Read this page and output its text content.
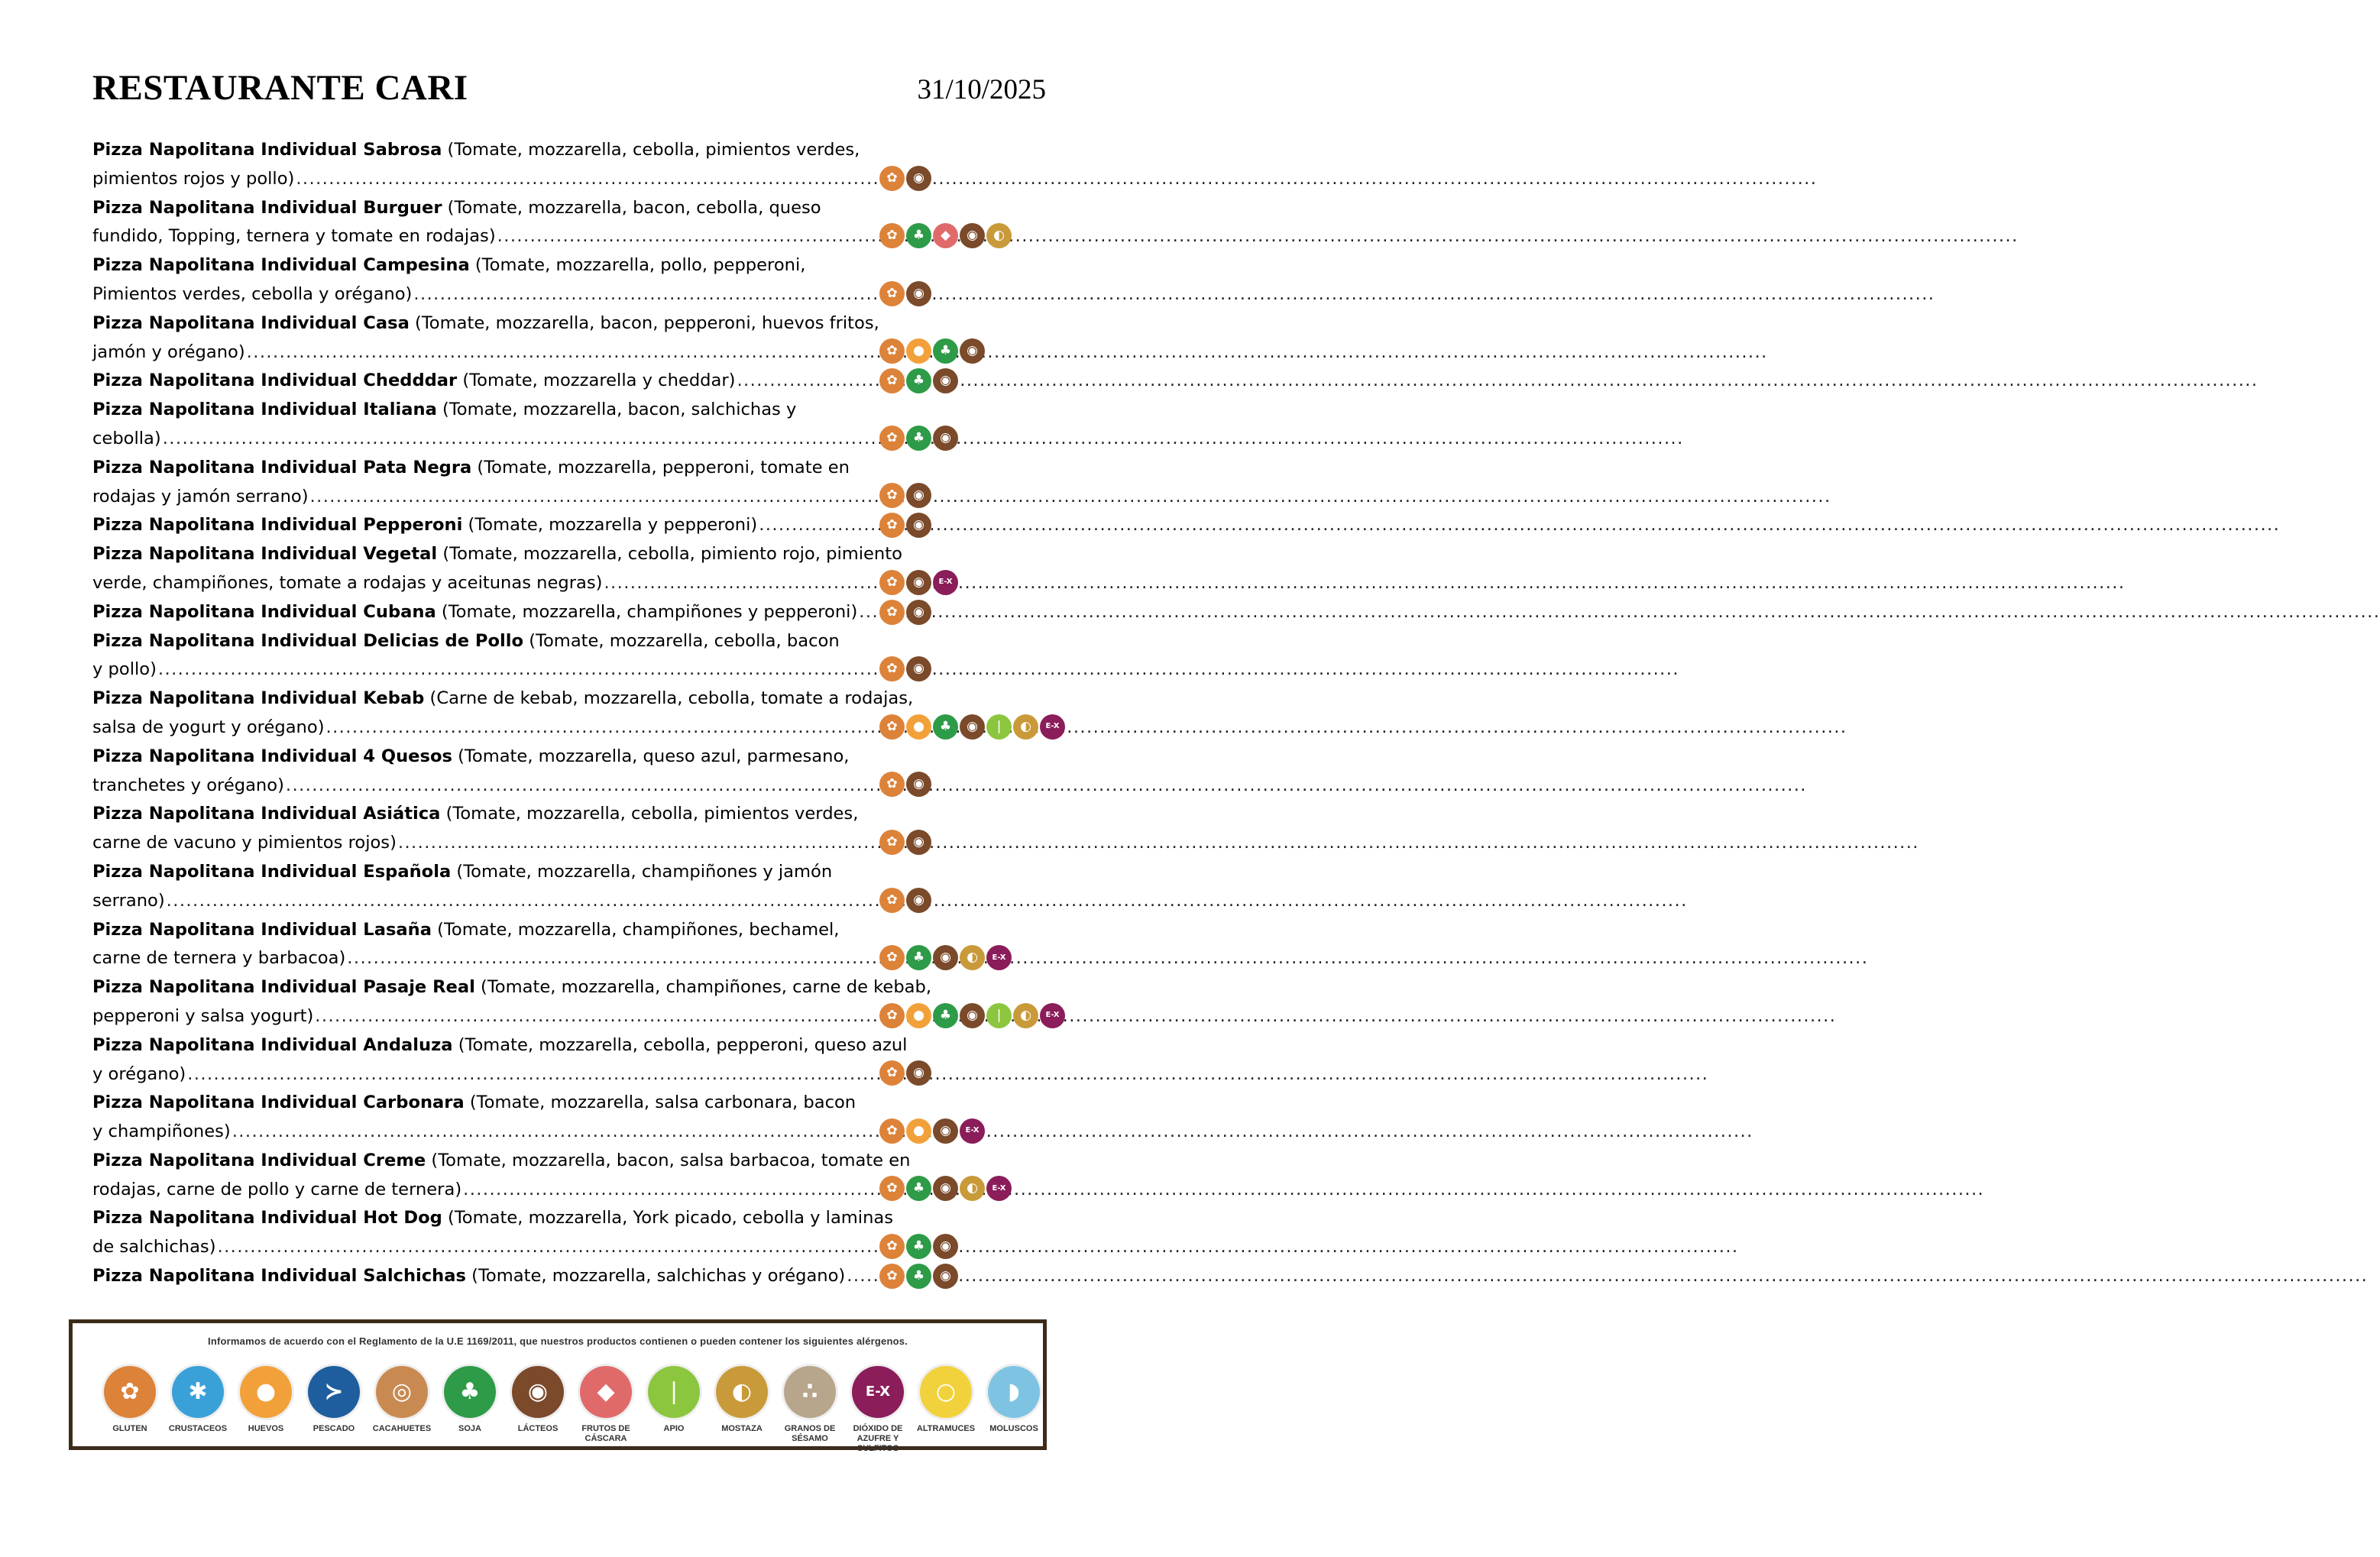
RESTAURANTE CARI	31/10/2025
Pizza Napolitana Individual Sabrosa (Tomate, mozzarella, cebolla, pimientos verdes,
pimientos rojos y pollo) .....	✿	◉
Pizza Napolitana Individual Burguer (Tomate, mozzarella, bacon, cebolla, queso
fundido, Topping, ternera y tomate en rodajas) .....	✿	♣	◆	◉	◐
Pizza Napolitana Individual Campesina (Tomate, mozzarella, pollo, pepperoni,
Pimientos verdes, cebolla y orégano) .....	✿	◉
Pizza Napolitana Individual Casa (Tomate, mozzarella, bacon, pepperoni, huevos fritos,
jamón y orégano) .....	✿	●	♣	◉
Pizza Napolitana Individual Chedddar (Tomate, mozzarella y cheddar) .....	✿	♣	◉
Pizza Napolitana Individual Italiana (Tomate, mozzarella, bacon, salchichas y
cebolla) .....	✿	♣	◉
Pizza Napolitana Individual Pata Negra (Tomate, mozzarella, pepperoni, tomate en
rodajas y jamón serrano) .....	✿	◉
Pizza Napolitana Individual Pepperoni (Tomate, mozzarella y pepperoni) .....	✿	◉
Pizza Napolitana Individual Vegetal (Tomate, mozzarella, cebolla, pimiento rojo, pimiento
verde, champiñones, tomate a rodajas y aceitunas negras) .....	✿	◉	E-X
Pizza Napolitana Individual Cubana (Tomate, mozzarella, champiñones y pepperoni) .....	✿	◉
Pizza Napolitana Individual Delicias de Pollo (Tomate, mozzarella, cebolla, bacon
y pollo) .....	✿	◉
Pizza Napolitana Individual Kebab (Carne de kebab, mozzarella, cebolla, tomate a rodajas,
salsa de yogurt y orégano) .....	✿	●	♣	◉	❘	◐	E-X
Pizza Napolitana Individual 4 Quesos (Tomate, mozzarella, queso azul, parmesano,
tranchetes y orégano) .....	✿	◉
Pizza Napolitana Individual Asiática (Tomate, mozzarella, cebolla, pimientos verdes,
carne de vacuno y pimientos rojos) .....	✿	◉
Pizza Napolitana Individual Española (Tomate, mozzarella, champiñones y jamón
serrano) .....	✿	◉
Pizza Napolitana Individual Lasaña (Tomate, mozzarella, champiñones, bechamel,
carne de ternera y barbacoa) .....	✿	♣	◉	◐	E-X
Pizza Napolitana Individual Pasaje Real (Tomate, mozzarella, champiñones, carne de kebab,
pepperoni y salsa yogurt) .....	✿	●	♣	◉	❘	◐	E-X
Pizza Napolitana Individual Andaluza (Tomate, mozzarella, cebolla, pepperoni, queso azul
y orégano) .....	✿	◉
Pizza Napolitana Individual Carbonara (Tomate, mozzarella, salsa carbonara, bacon
y champiñones) .....	✿	●	◉	E-X
Pizza Napolitana Individual Creme (Tomate, mozzarella, bacon, salsa barbacoa, tomate en
rodajas, carne de pollo y carne de ternera) .....	✿	♣	◉	◐	E-X
Pizza Napolitana Individual Hot Dog (Tomate, mozzarella, York picado, cebolla y laminas
de salchichas) .....	✿	♣	◉
Pizza Napolitana Individual Salchichas (Tomate, mozzarella, salchichas y orégano) .....	✿	♣	◉
Informamos de acuerdo con el Reglamento de la U.E 1169/2011, que nuestros productos contienen o pueden contener los siguientes alérgenos.
✿
GLUTEN
✱
CRUSTACEOS
●
HUEVOS
≻
PESCADO
◎
CACAHUETES
♣
SOJA
◉
LÁCTEOS
◆
FRUTOS DE CÁSCARA
❘
APIO
◐
MOSTAZA
∴
GRANOS DE SÉSAMO
E-X
DIÓXIDO DE AZUFRE Y SULFITOS
○
ALTRAMUCES
◗
MOLUSCOS
